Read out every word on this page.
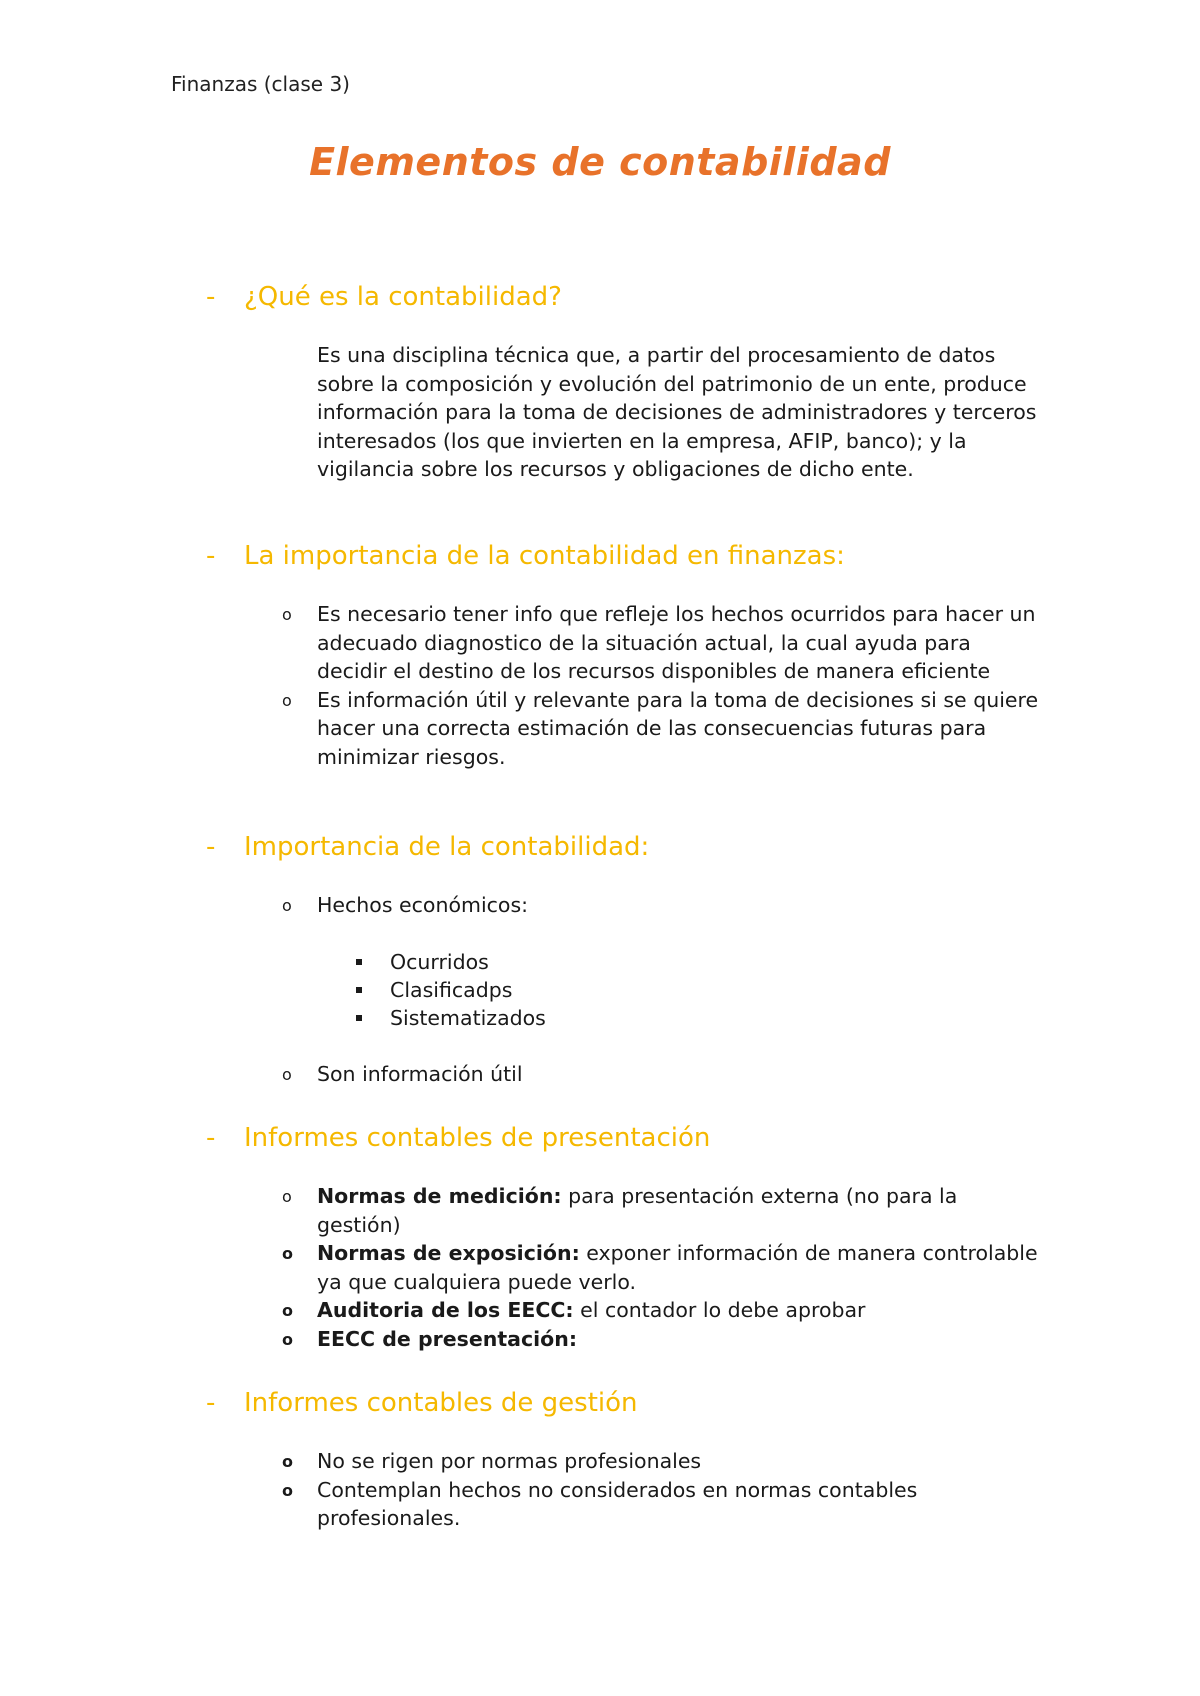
Finanzas (clase 3)
Elementos de contabilidad
- ¿Qué es la contabilidad?
Es una disciplina técnica que, a partir del procesamiento de datos sobre la composición y evolución del patrimonio de un ente, produce información para la toma de decisiones de administradores y terceros interesados (los que invierten en la empresa, AFIP, banco); y la vigilancia sobre los recursos y obligaciones de dicho ente.
- La importancia de la contabilidad en finanzas:
o Es necesario tener info que refleje los hechos ocurridos para hacer un adecuado diagnostico de la situación actual, la cual ayuda para decidir el destino de los recursos disponibles de manera eficiente
o Es información útil y relevante para la toma de decisiones si se quiere hacer una correcta estimación de las consecuencias futuras para minimizar riesgos.
- Importancia de la contabilidad:
o Hechos económicos:
Ocurridos
Clasificadps
Sistematizados
o Son información útil
- Informes contables de presentación
o Normas de medición: para presentación externa (no para la gestión)
o Normas de exposición: exponer información de manera controlable ya que cualquiera puede verlo.
o Auditoria de los EECC: el contador lo debe aprobar
o EECC de presentación:
- Informes contables de gestión
o No se rigen por normas profesionales
o Contemplan hechos no considerados en normas contables profesionales.
